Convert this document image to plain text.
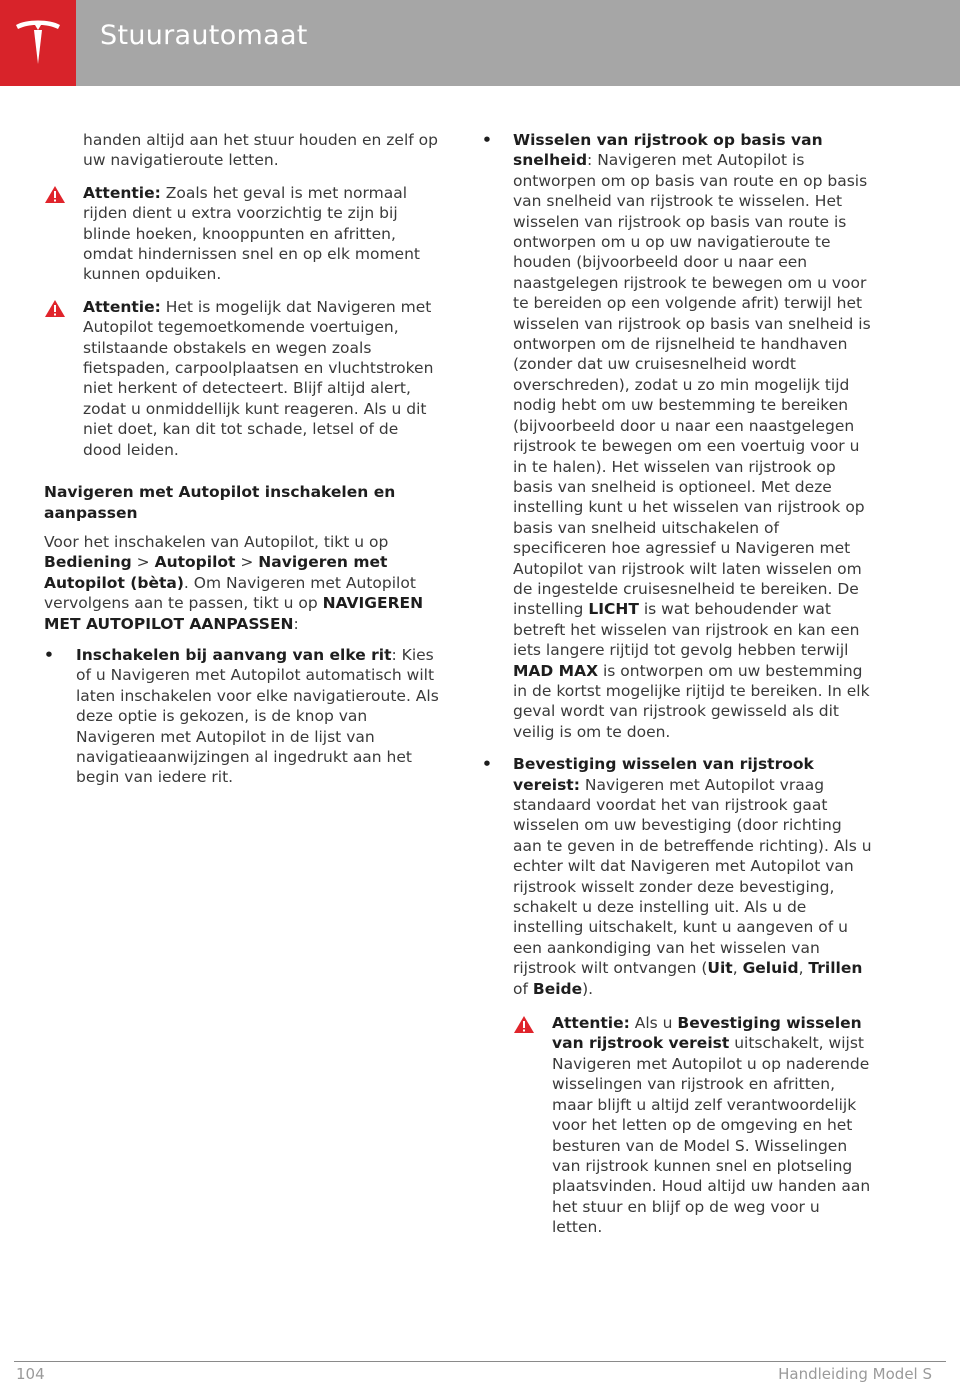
Stuurautomaat

handen altijd aan het stuur houden en zelf op uw navigatieroute letten.

Attentie: Zoals het geval is met normaal rijden dient u extra voorzichtig te zijn bij blinde hoeken, knooppunten en afritten, omdat hindernissen snel en op elk moment kunnen opduiken.

Attentie: Het is mogelijk dat Navigeren met Autopilot tegemoetkomende voertuigen, stilstaande obstakels en wegen zoals fietspaden, carpoolplaatsen en vluchtstroken niet herkent of detecteert. Blijf altijd alert, zodat u onmiddellijk kunt reageren. Als u dit niet doet, kan dit tot schade, letsel of de dood leiden.

Navigeren met Autopilot inschakelen en aanpassen

Voor het inschakelen van Autopilot, tikt u op Bediening > Autopilot > Navigeren met Autopilot (bèta). Om Navigeren met Autopilot vervolgens aan te passen, tikt u op NAVIGEREN MET AUTOPILOT AANPASSEN:

• Inschakelen bij aanvang van elke rit: Kies of u Navigeren met Autopilot automatisch wilt laten inschakelen voor elke navigatieroute. Als deze optie is gekozen, is de knop van Navigeren met Autopilot in de lijst van navigatieaanwijzingen al ingedrukt aan het begin van iedere rit.

• Wisselen van rijstrook op basis van snelheid: Navigeren met Autopilot is ontworpen om op basis van route en op basis van snelheid van rijstrook te wisselen. Het wisselen van rijstrook op basis van route is ontworpen om u op uw navigatieroute te houden (bijvoorbeeld door u naar een naastgelegen rijstrook te bewegen om u voor te bereiden op een volgende afrit) terwijl het wisselen van rijstrook op basis van snelheid is ontworpen om de rijsnelheid te handhaven (zonder dat uw cruisesnelheid wordt overschreden), zodat u zo min mogelijk tijd nodig hebt om uw bestemming te bereiken (bijvoorbeeld door u naar een naastgelegen rijstrook te bewegen om een voertuig voor u in te halen). Het wisselen van rijstrook op basis van snelheid is optioneel. Met deze instelling kunt u het wisselen van rijstrook op basis van snelheid uitschakelen of specificeren hoe agressief u Navigeren met Autopilot van rijstrook wilt laten wisselen om de ingestelde cruisesnelheid te bereiken. De instelling LICHT is wat behoudender wat betreft het wisselen van rijstrook en kan een iets langere rijtijd tot gevolg hebben terwijl MAD MAX is ontworpen om uw bestemming in de kortst mogelijke rijtijd te bereiken. In elk geval wordt van rijstrook gewisseld als dit veilig is om te doen.

• Bevestiging wisselen van rijstrook vereist: Navigeren met Autopilot vraag standaard voordat het van rijstrook gaat wisselen om uw bevestiging (door richting aan te geven in de betreffende richting). Als u echter wilt dat Navigeren met Autopilot van rijstrook wisselt zonder deze bevestiging, schakelt u deze instelling uit. Als u de instelling uitschakelt, kunt u aangeven of u een aankondiging van het wisselen van rijstrook wilt ontvangen (Uit, Geluid, Trillen of Beide).

Attentie: Als u Bevestiging wisselen van rijstrook vereist uitschakelt, wijst Navigeren met Autopilot u op naderende wisselingen van rijstrook en afritten, maar blijft u altijd zelf verantwoordelijk voor het letten op de omgeving en het besturen van de Model S. Wisselingen van rijstrook kunnen snel en plotseling plaatsvinden. Houd altijd uw handen aan het stuur en blijf op de weg voor u letten.

104	Handleiding Model S
